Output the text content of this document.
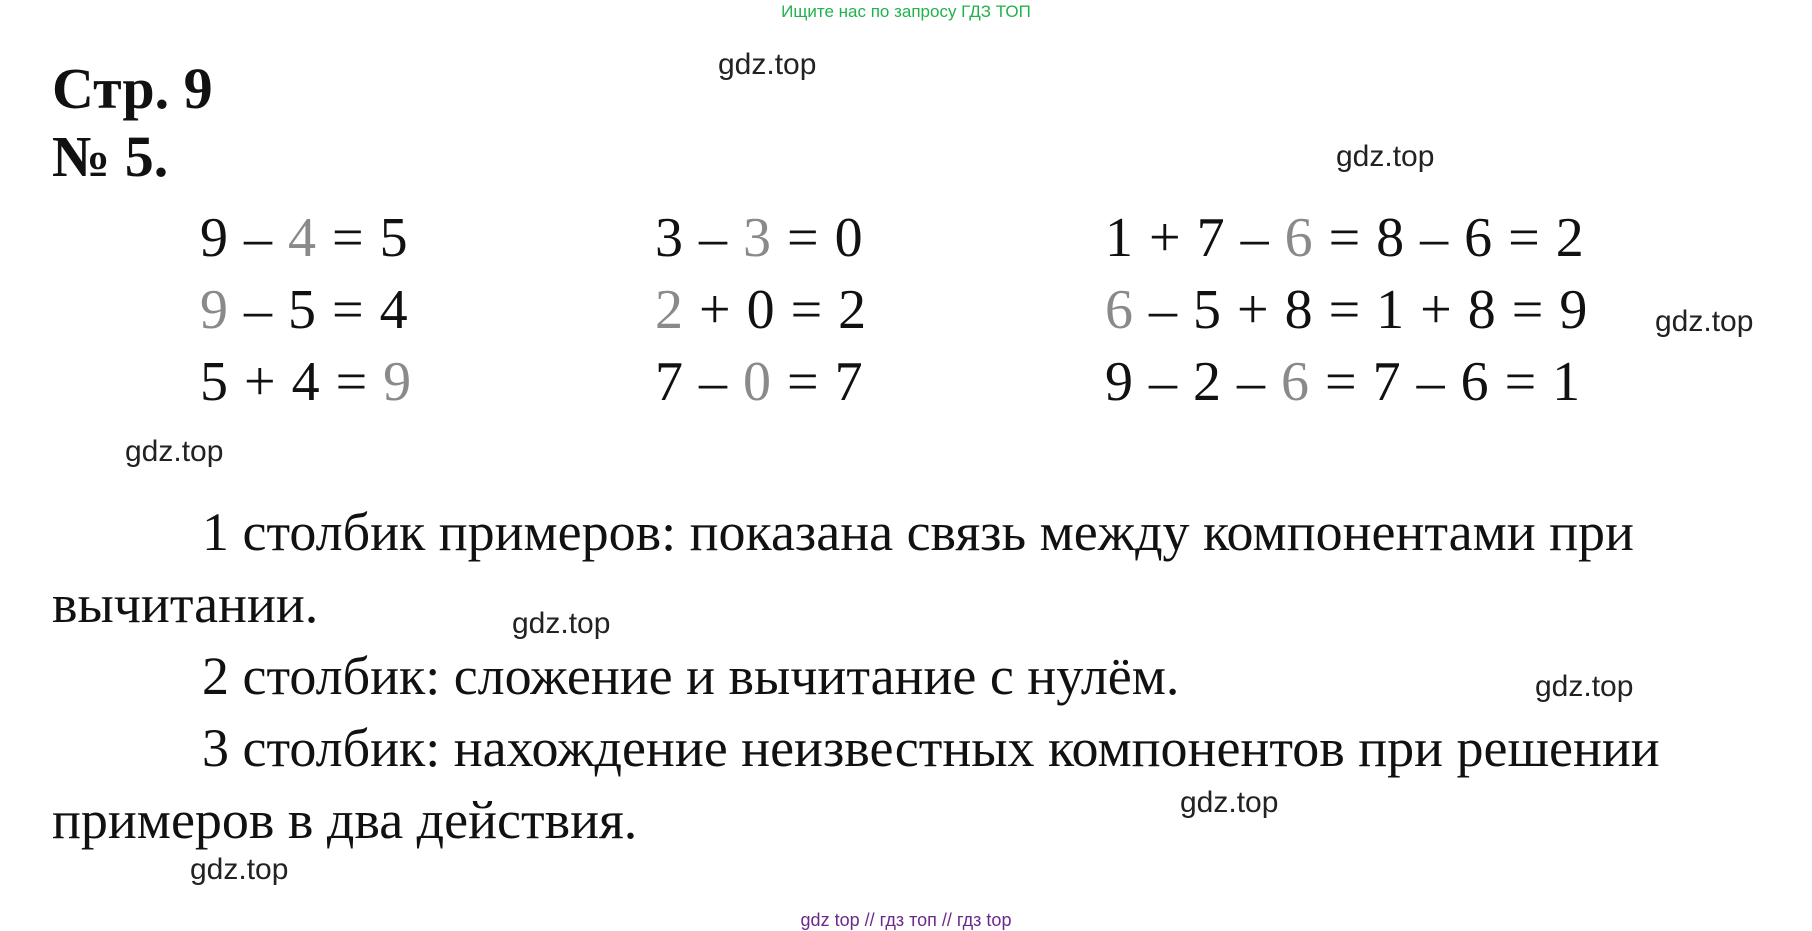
Ищите нас по запросу ГДЗ ТОП
Стр. 9
№ 5.
9 – 4 = 5
9 – 5 = 4
5 + 4 = 9
3 – 3 = 0
2 + 0 = 2
7 – 0 = 7
1 + 7 – 6 = 8 – 6 = 2
6 – 5 + 8 = 1 + 8 = 9
9 – 2 – 6 = 7 – 6 = 1
1 столбик примеров: показана связь между компонентами при вычитании.
2 столбик: сложение и вычитание с нулём.
3 столбик: нахождение неизвестных компонентов при решении примеров в два действия.
gdz.top
gdz.top
gdz.top
gdz.top
gdz.top
gdz.top
gdz.top
gdz.top
gdz top // гдз топ // гдз top
